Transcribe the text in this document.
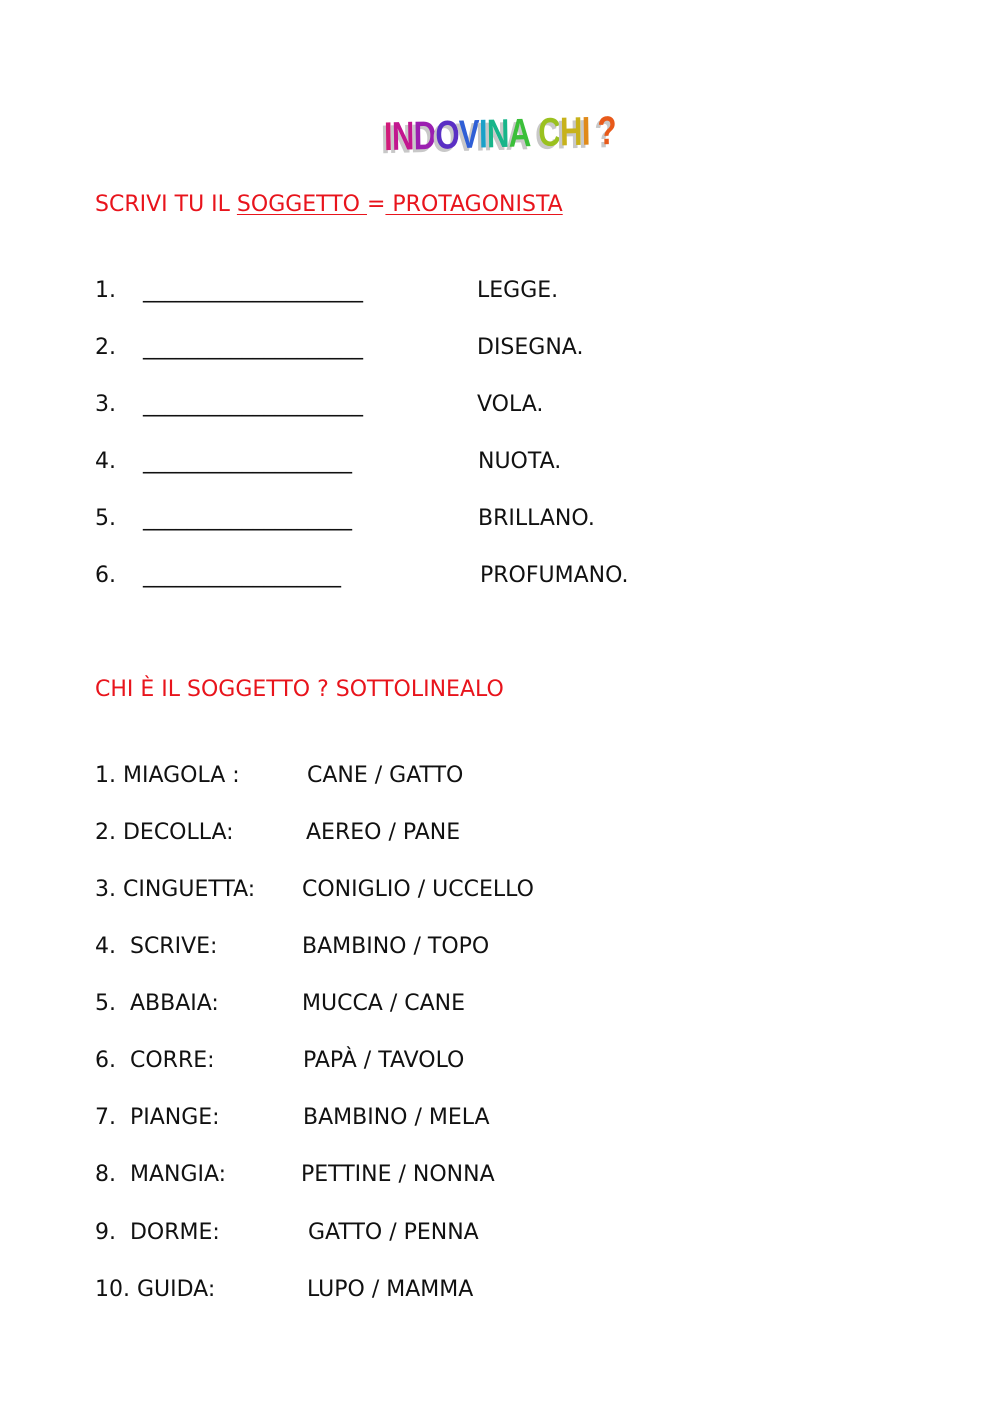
INDOVINA CHI ?
SCRIVI TU IL SOGGETTO = PROTAGONISTA
1. ____________________	LEGGE.
2. ____________________	DISEGNA.
3. ____________________	VOLA.
4. ___________________	NUOTA.
5. ___________________	BRILLANO.
6. __________________	PROFUMANO.
CHI È IL SOGGETTO ? SOTTOLINEALO
1. MIAGOLA :	CANE / GATTO
2. DECOLLA:	AEREO / PANE
3. CINGUETTA: CONIGLIO / UCCELLO
4.  SCRIVE:	BAMBINO / TOPO
5.  ABBAIA:	MUCCA / CANE
6.  CORRE:	PAPÀ / TAVOLO
7.  PIANGE:	BAMBINO / MELA
8.  MANGIA:	PETTINE / NONNA
9.  DORME:	GATTO / PENNA
10. GUIDA:	LUPO / MAMMA
